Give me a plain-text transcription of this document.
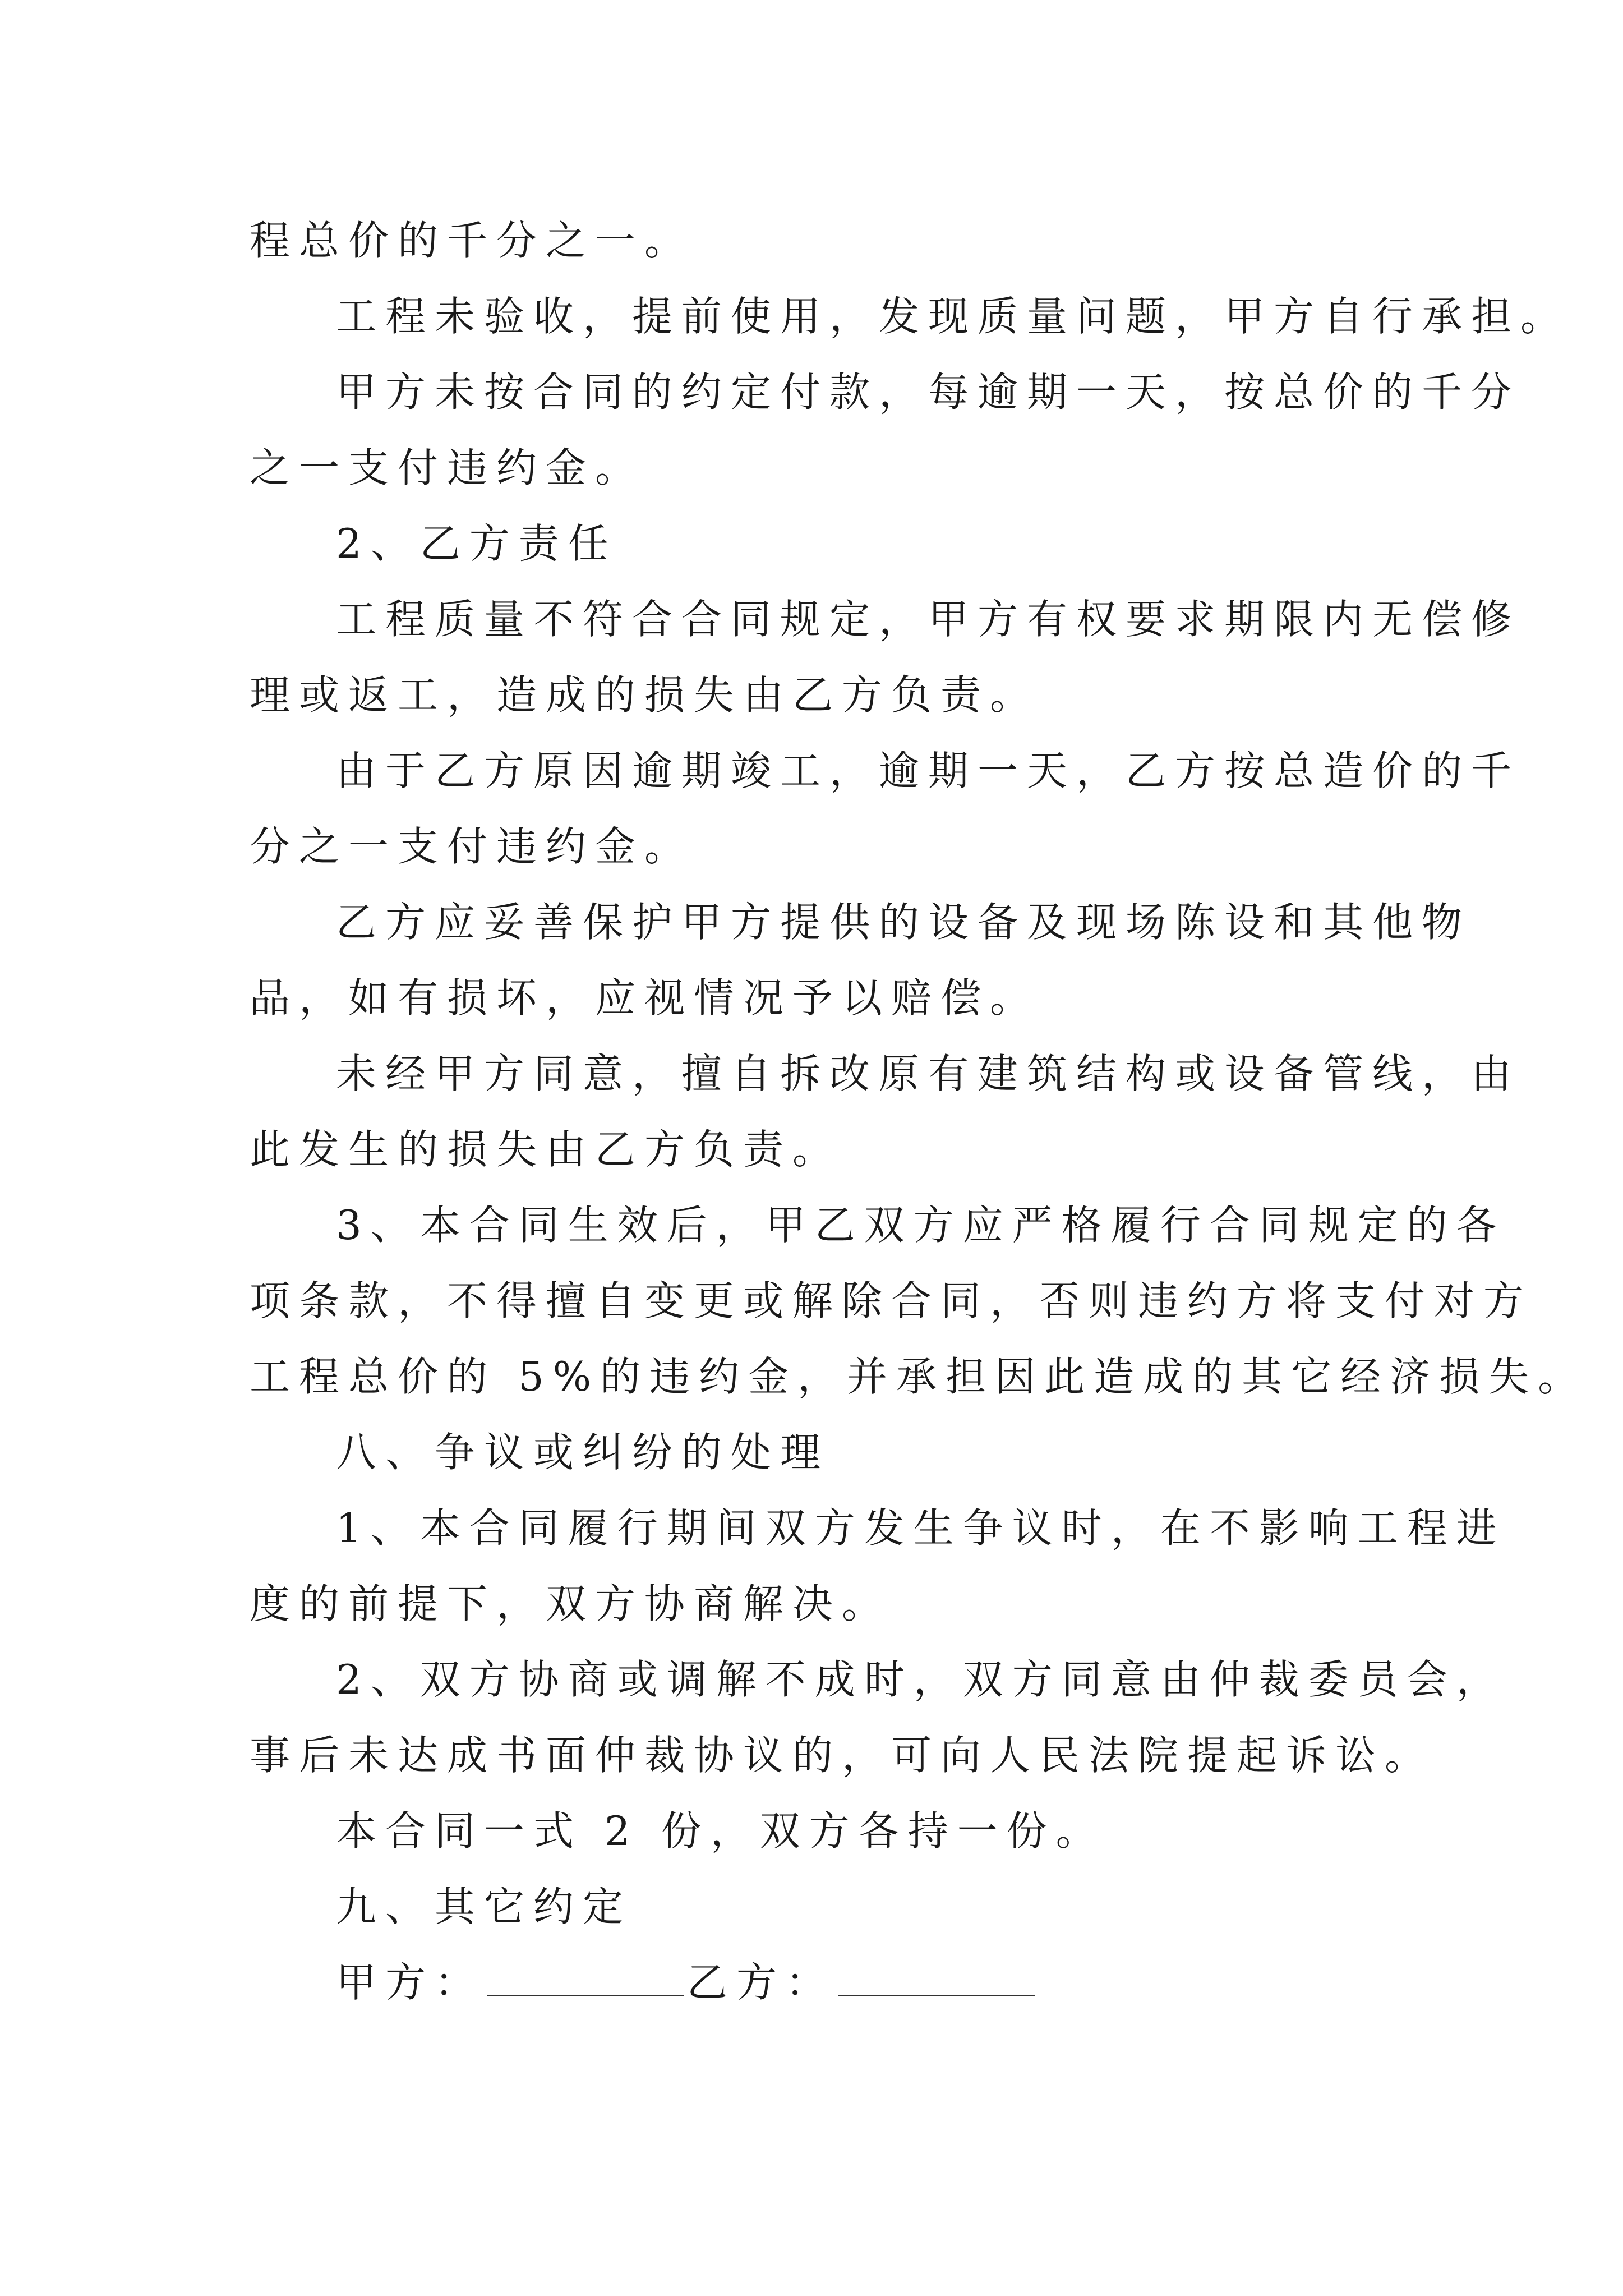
程总价的千分之一。
工程未验收，提前使用，发现质量问题，甲方自行承担。
甲方未按合同的约定付款，每逾期一天，按总价的千分
之一支付违约金。
2、乙方责任
工程质量不符合合同规定，甲方有权要求期限内无偿修
理或返工，造成的损失由乙方负责。
由于乙方原因逾期竣工，逾期一天，乙方按总造价的千
分之一支付违约金。
乙方应妥善保护甲方提供的设备及现场陈设和其他物
品，如有损坏，应视情况予以赔偿。
未经甲方同意，擅自拆改原有建筑结构或设备管线，由
此发生的损失由乙方负责。
3、本合同生效后，甲乙双方应严格履行合同规定的各
项条款，不得擅自变更或解除合同，否则违约方将支付对方
工程总价的 5%的违约金，并承担因此造成的其它经济损失。
八、争议或纠纷的处理
1、本合同履行期间双方发生争议时，在不影响工程进
度的前提下，双方协商解决。
2、双方协商或调解不成时，双方同意由仲裁委员会，
事后未达成书面仲裁协议的，可向人民法院提起诉讼。
本合同一式 2 份，双方各持一份。
九、其它约定
甲方：	乙方：
